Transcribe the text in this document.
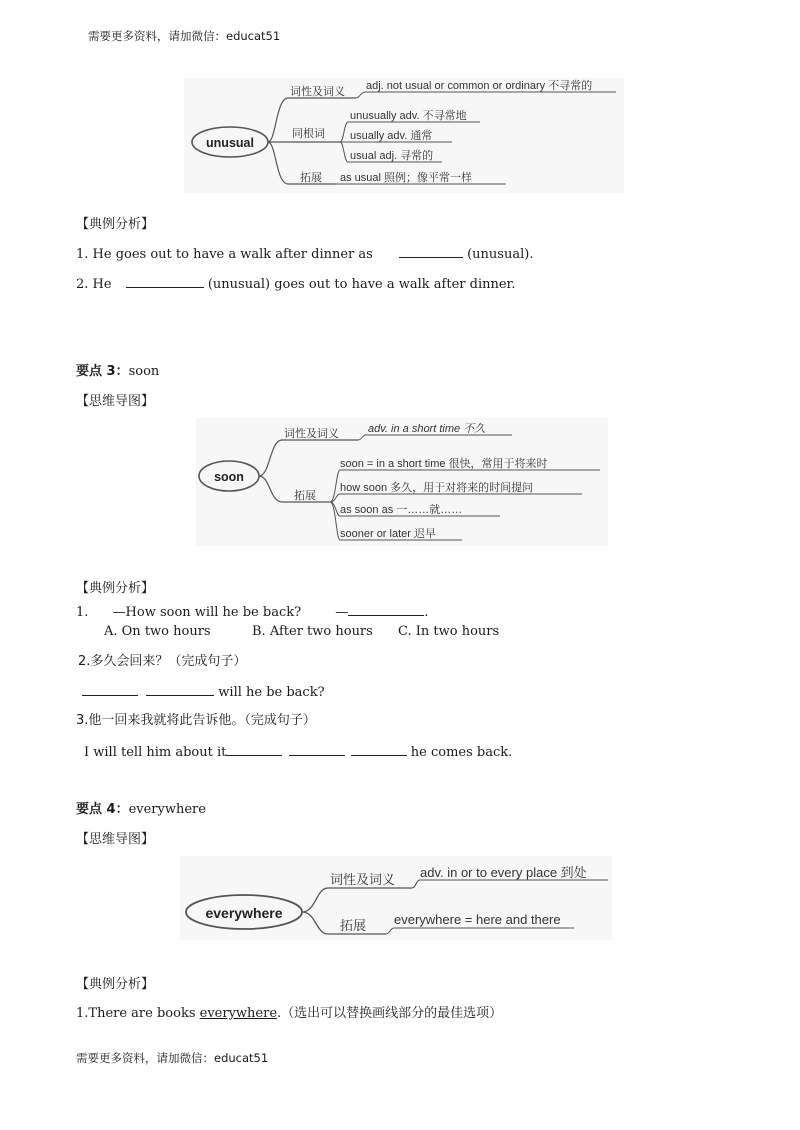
需要更多资料，请加微信：educat51
unusual
词性及词义
同根词
拓展
adj. not usual or common or ordinary 不寻常的
unusually adv. 不寻常地
usually adv. 通常
usual adj. 寻常的
as usual 照例；像平常一样
【典例分析】
1. He goes out to have a walk after dinner as	(unusual).
2. He	(unusual) goes out to have a walk after dinner.
要点 3：soon
【思维导图】
soon
词性及词义
拓展
adv. in a short time 不久
soon = in a short time 很快，常用于将来时
how soon 多久，用于对将来的时间提问
as soon as 一……就……
sooner or later 迟早
【典例分析】
1. —How soon will he be back?	—	.
A. On two hours	B. After two hours C. In two hours
2.多久会回来？（完成句子）
will he be back?
3.他一回来我就将此告诉他。（完成句子）
I will tell him about it	he comes back.
要点 4：everywhere
【思维导图】
everywhere
词性及词义
拓展
adv. in or to every place 到处
everywhere = here and there
【典例分析】
1.There are books everywhere.（选出可以替换画线部分的最佳选项）
需要更多资料，请加微信：educat51
